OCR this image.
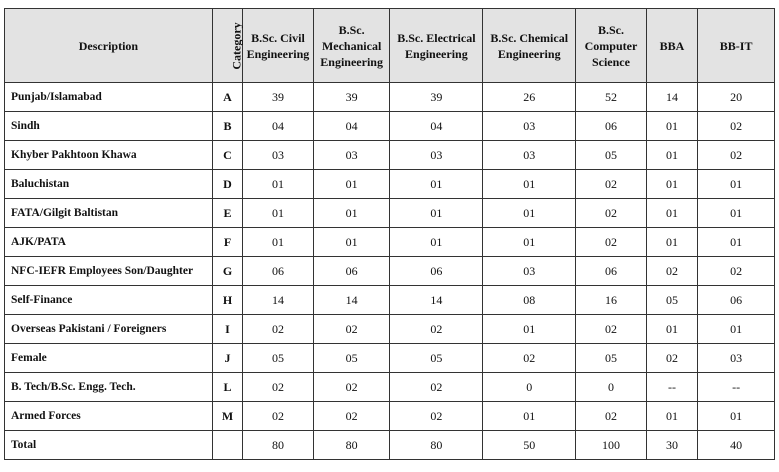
Description	Category	B.Sc. Civil Engineering	B.Sc. Mechanical Engineering	B.Sc. Electrical Engineering	B.Sc. Chemical Engineering	B.Sc. Computer Science	BBA	BB-IT
Punjab/Islamabad	A	39	39	39	26	52	14	20
Sindh	B	04	04	04	03	06	01	02
Khyber Pakhtoon Khawa	C	03	03	03	03	05	01	02
Baluchistan	D	01	01	01	01	02	01	01
FATA/Gilgit Baltistan	E	01	01	01	01	02	01	01
AJK/PATA	F	01	01	01	01	02	01	01
NFC-IEFR Employees Son/Daughter	G	06	06	06	03	06	02	02
Self-Finance	H	14	14	14	08	16	05	06
Overseas Pakistani / Foreigners	I	02	02	02	01	02	01	01
Female	J	05	05	05	02	05	02	03
B. Tech/B.Sc. Engg. Tech.	L	02	02	02	0	0	--	--
Armed Forces	M	02	02	02	01	02	01	01
Total		80	80	80	50	100	30	40
